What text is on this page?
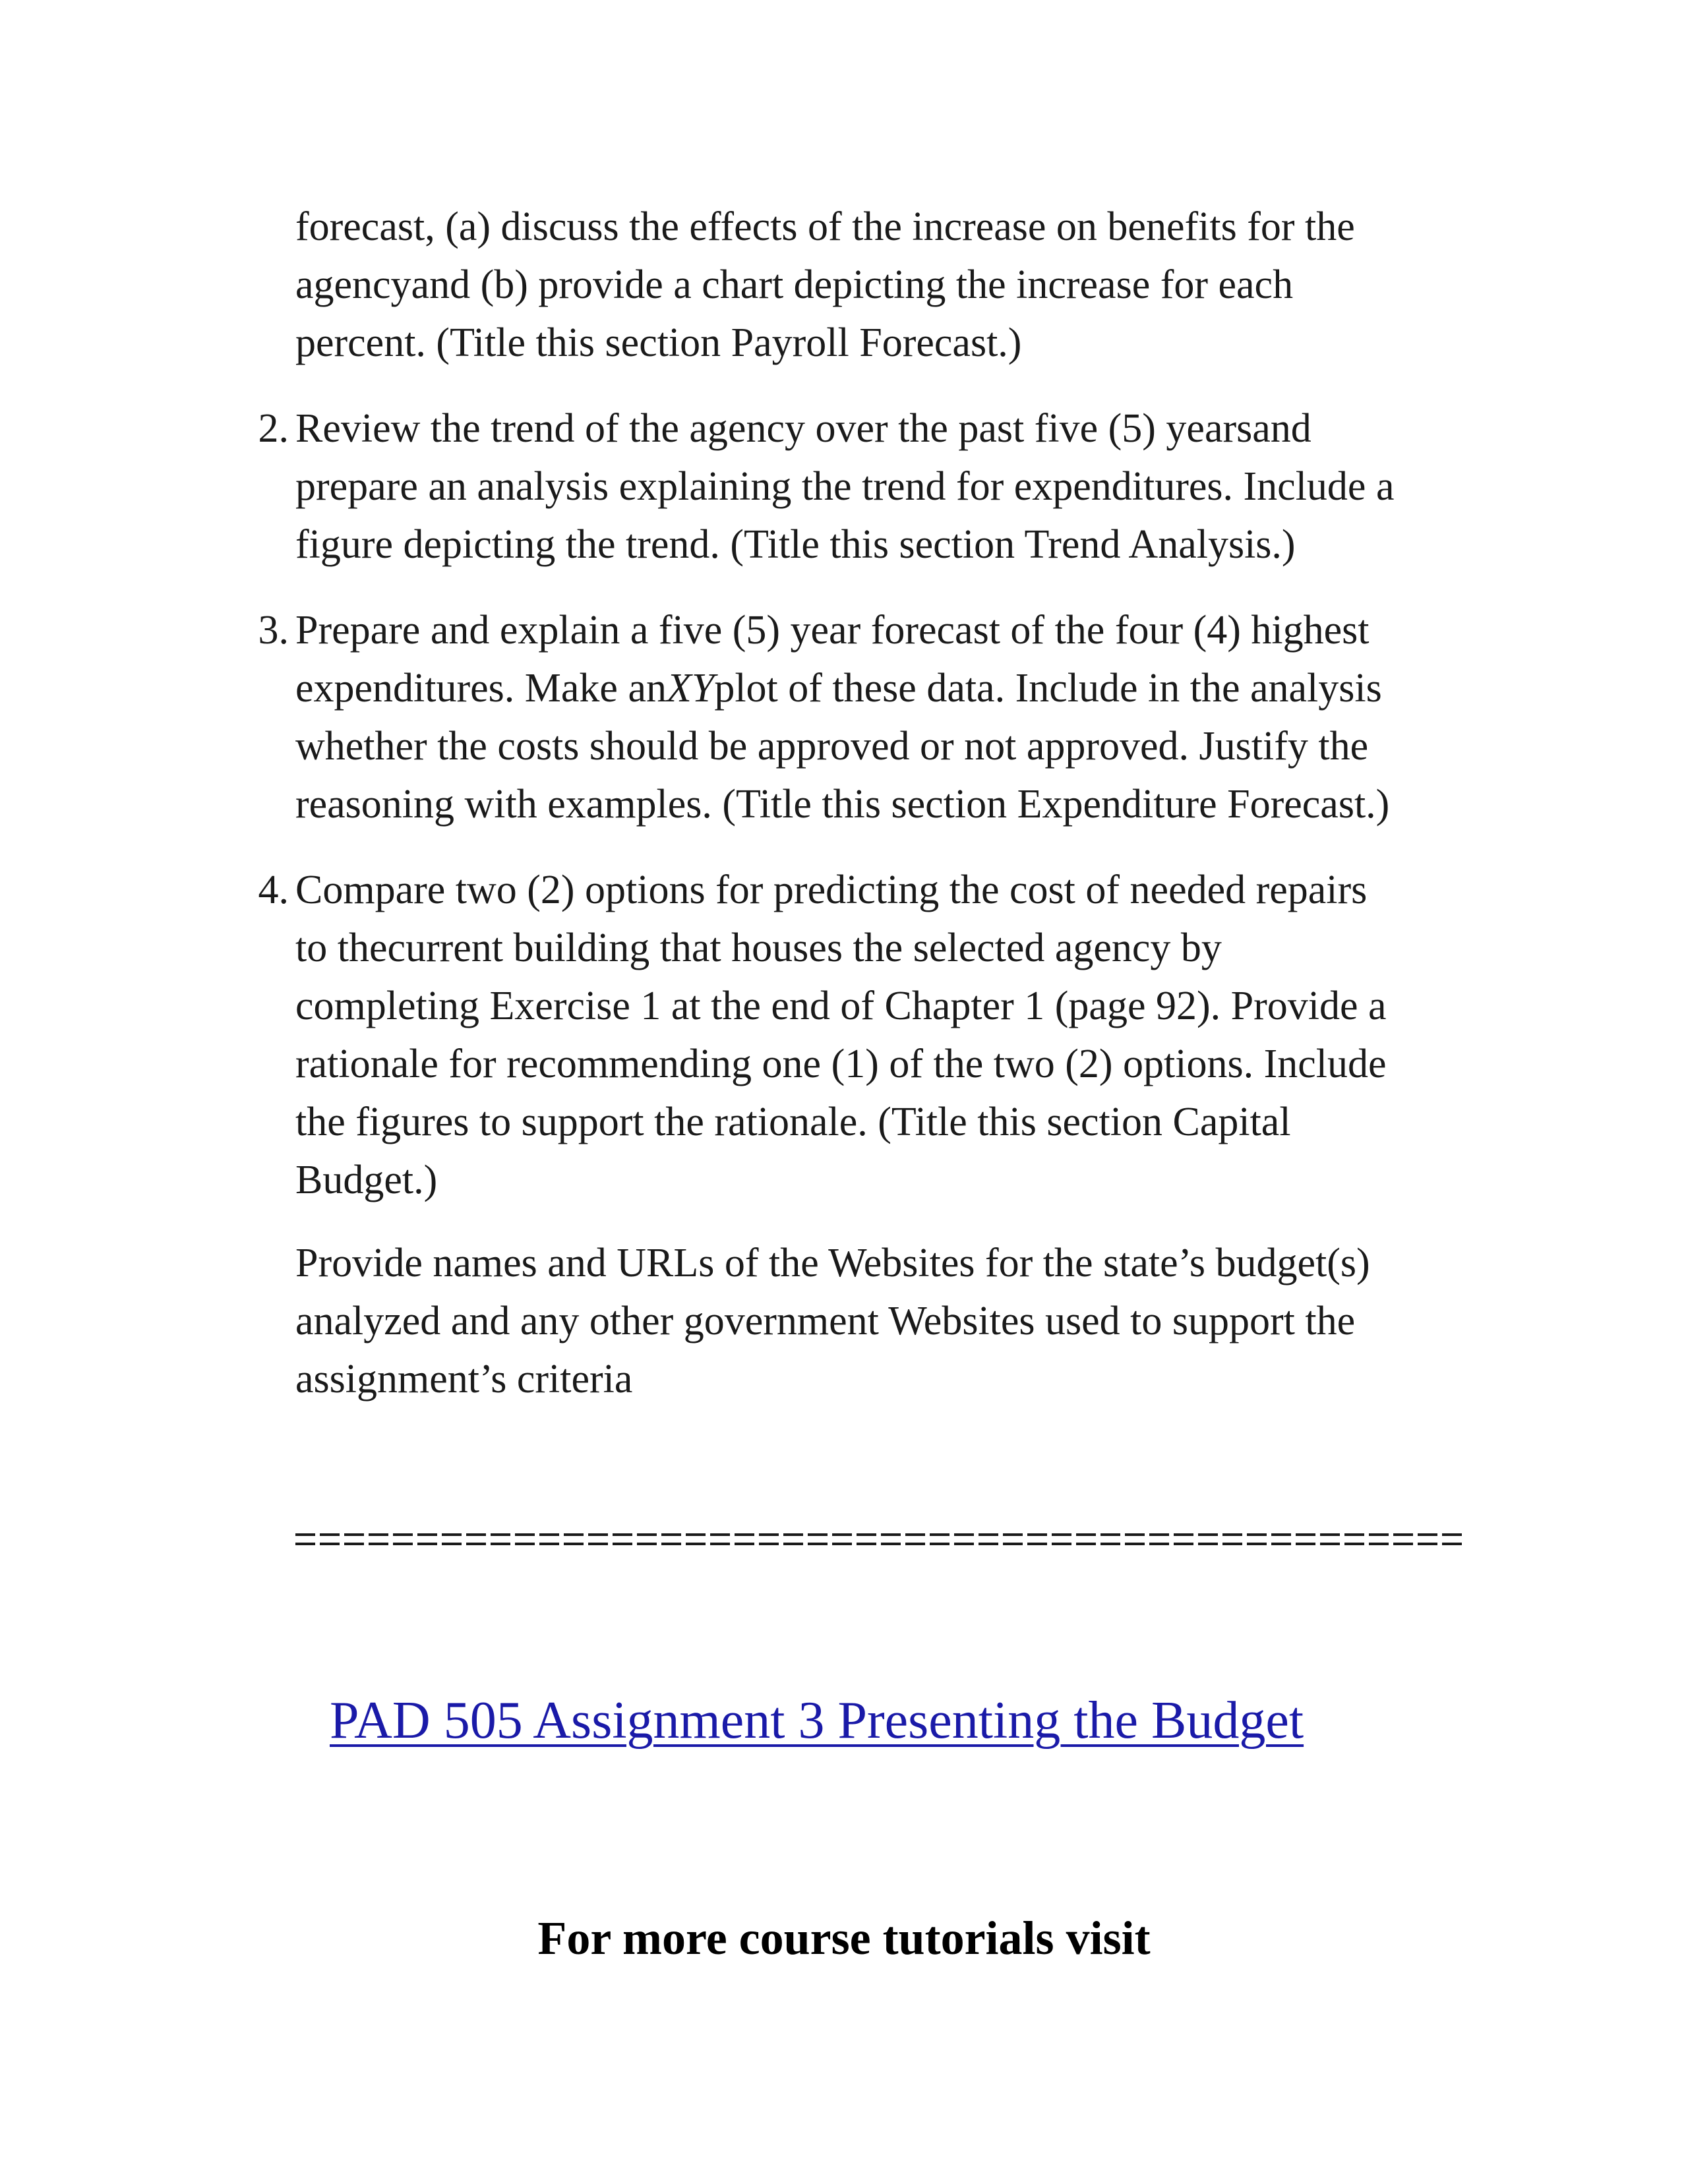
forecast, (a) discuss the effects of the increase on benefits for the
agencyand (b) provide a chart depicting the increase for each
percent. (Title this section Payroll Forecast.)
2. Review the trend of the agency over the past five (5) yearsand
prepare an analysis explaining the trend for expenditures. Include a
figure depicting the trend. (Title this section Trend Analysis.)
3. Prepare and explain a five (5) year forecast of the four (4) highest
expenditures. Make anXYplot of these data. Include in the analysis
whether the costs should be approved or not approved. Justify the
reasoning with examples. (Title this section Expenditure Forecast.)
4. Compare two (2) options for predicting the cost of needed repairs
to thecurrent building that houses the selected agency by
completing Exercise 1 at the end of Chapter 1 (page 92). Provide a
rationale for recommending one (1) of the two (2) options. Include
the figures to support the rationale. (Title this section Capital
Budget.)
Provide names and URLs of the Websites for the state’s budget(s)
analyzed and any other government Websites used to support the
assignment’s criteria
PAD 505 Assignment 3 Presenting the Budget
For more course tutorials visit
